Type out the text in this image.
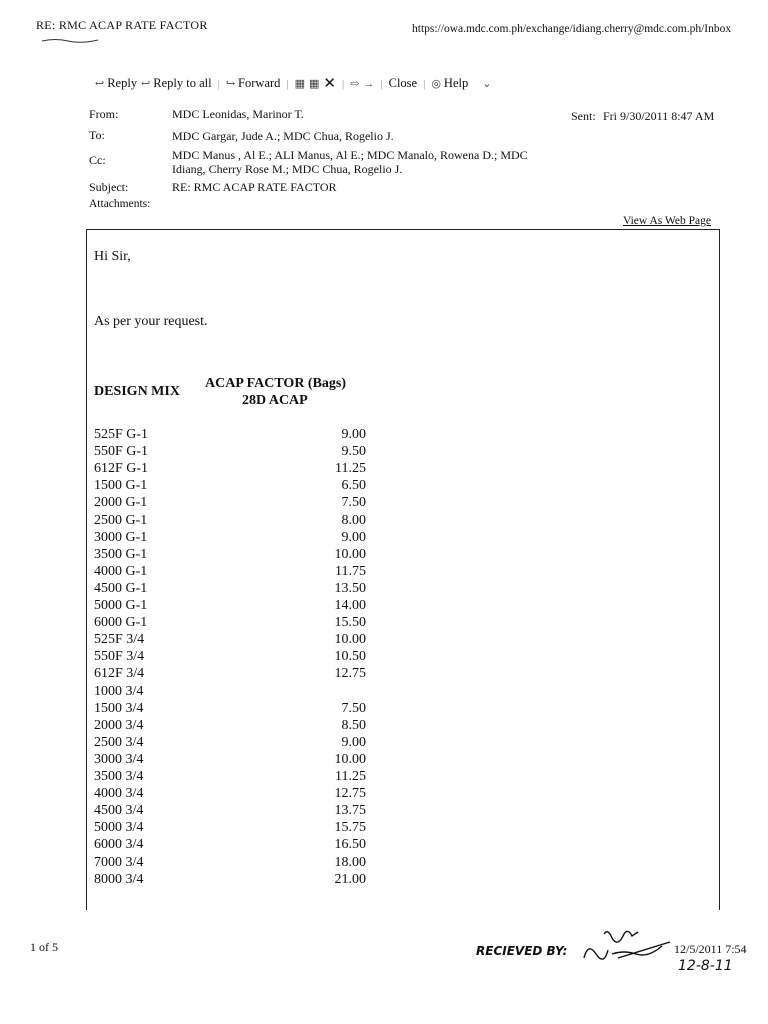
RE: RMC ACAP RATE FACTOR	https://owa.mdc.com.ph/exchange/idiang.cherry@mdc.com.ph/Inbox
↩ Reply ↩ Reply to all | ↪ Forward | ▦ ▦ ✕ | ⇨ → | Close | ◎ Help ⌄
From:	MDC Leonidas, Marinor T.	Sent: Fri 9/30/2011 8:47 AM
To:	MDC Gargar, Jude A.; MDC Chua, Rogelio J.
Cc:	MDC Manus , Al E.; ALI Manus, Al E.; MDC Manalo, Rowena D.; MDC
Idiang, Cherry Rose M.; MDC Chua, Rogelio J.
Subject:	RE: RMC ACAP RATE FACTOR
Attachments:
View As Web Page
Hi Sir,
As per your request.
DESIGN MIX
ACAP FACTOR (Bags)
28D ACAP
525F G-1	9.00
550F G-1	9.50
612F G-1	11.25
1500 G-1	6.50
2000 G-1	7.50
2500 G-1	8.00
3000 G-1	9.00
3500 G-1	10.00
4000 G-1	11.75
4500 G-1	13.50
5000 G-1	14.00
6000 G-1	15.50
525F 3/4	10.00
550F 3/4	10.50
612F 3/4	12.75
1000 3/4
1500 3/4	7.50
2000 3/4	8.50
2500 3/4	9.00
3000 3/4	10.00
3500 3/4	11.25
4000 3/4	12.75
4500 3/4	13.75
5000 3/4	15.75
6000 3/4	16.50
7000 3/4	18.00
8000 3/4	21.00
1 of 5	RECIEVED BY:	12/5/2011 7:54
12-8-11
